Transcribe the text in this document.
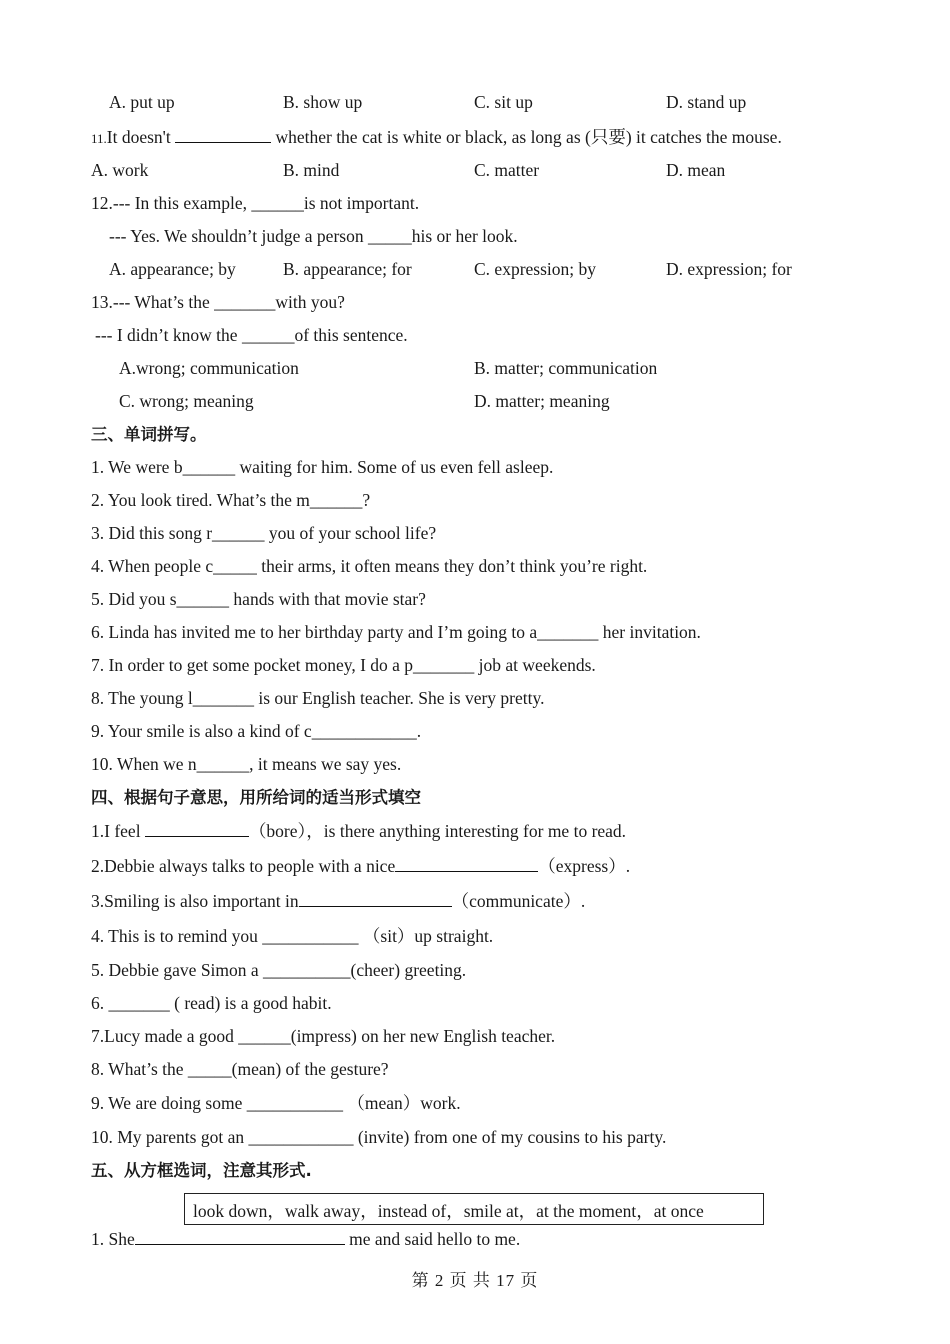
A. put up	B. show up	C. sit up	D. stand up
11.It doesn't	whether the cat is white or black, as long as (只要) it catches the mouse.
A. work	B. mind	C. matter	D. mean
12.--- In this example, ______is not important.
--- Yes. We shouldn’t judge a person _____his or her look.
A. appearance; by	B. appearance; for	C. expression; by	D. expression; for
13.--- What’s the _______with you?
--- I didn’t know the ______of this sentence.
A.wrong; communication	B. matter; communication
C. wrong; meaning	D. matter; meaning
三、单词拼写。
1. We were b______ waiting for him. Some of us even fell asleep.
2. You look tired. What’s the m______?
3. Did this song r______ you of your school life?
4. When people c_____ their arms, it often means they don’t think you’re right.
5. Did you s______ hands with that movie star?
6. Linda has invited me to her birthday party and I’m going to a_______ her invitation.
7. In order to get some pocket money, I do a p_______ job at weekends.
8. The young l_______ is our English teacher. She is very pretty.
9. Your smile is also a kind of c____________.
10. When we n______, it means we say yes.
四、根据句子意思，用所给词的适当形式填空
1.I feel	（bore），is there anything interesting for me to read.
2.Debbie always talks to people with a nice	（express）.
3.Smiling is also important in	（communicate）.
4. This is to remind you ___________ （sit）up straight.
5. Debbie gave Simon a __________(cheer) greeting.
6. _______ ( read) is a good habit.
7.Lucy made a good ______(impress) on her new English teacher.
8. What’s the _____(mean) of the gesture?
9. We are doing some ___________ （mean）work.
10. My parents got an ____________ (invite) from one of my cousins to his party.
五、从方框选词，注意其形式.
look down，walk away，instead of，smile at，at the moment，at once
1. She	me and said hello to me.
第 2 页 共 17 页
